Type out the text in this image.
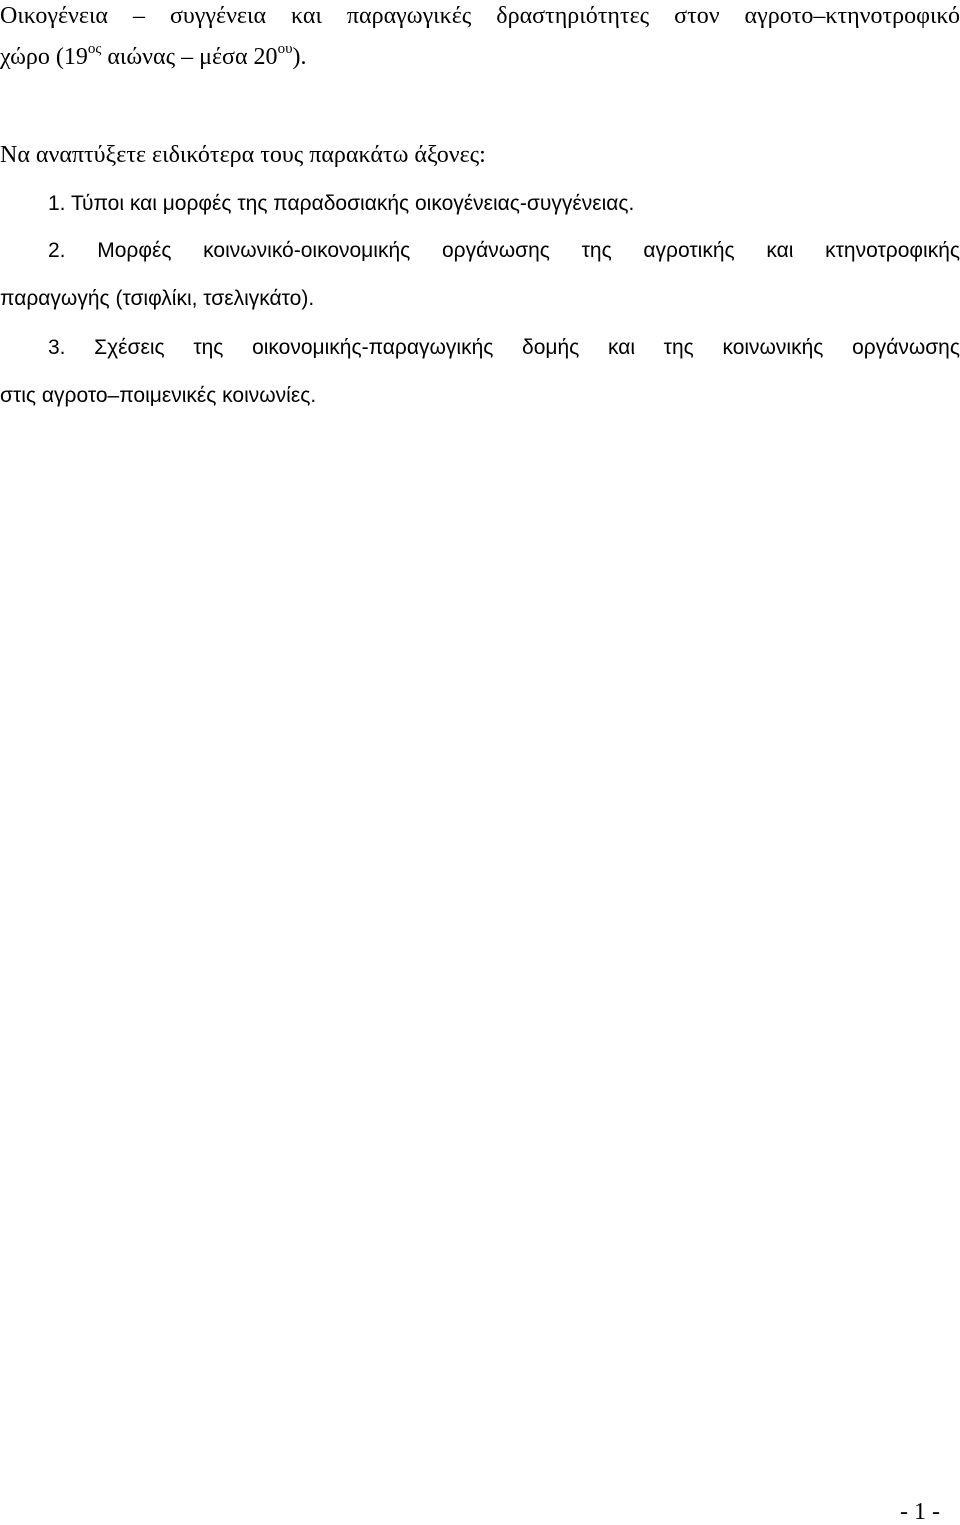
Οικογένεια – συγγένεια και παραγωγικές δραστηριότητες στον αγροτο–κτηνοτροφικό

χώρο ($19^{o\varsigma}$ αιώνας – μέσα $20^{o\upsilon}$).

Να αναπτύξετε ειδικότερα τους παρακάτω άξονες:

1. Τύποι και μορφές της παραδοσιακής οικογένειας-συγγένειας.

2. Μορφές κοινωνικό-οικονομικής οργάνωσης της αγροτικής και κτηνοτροφικής

παραγωγής (τσιφλίκι, τσελιγκάτο).

3. Σχέσεις της οικονομικής-παραγωγικής δομής και της κοινωνικής οργάνωσης

στις αγροτο–ποιμενικές κοινωνίες.

- 1 -
